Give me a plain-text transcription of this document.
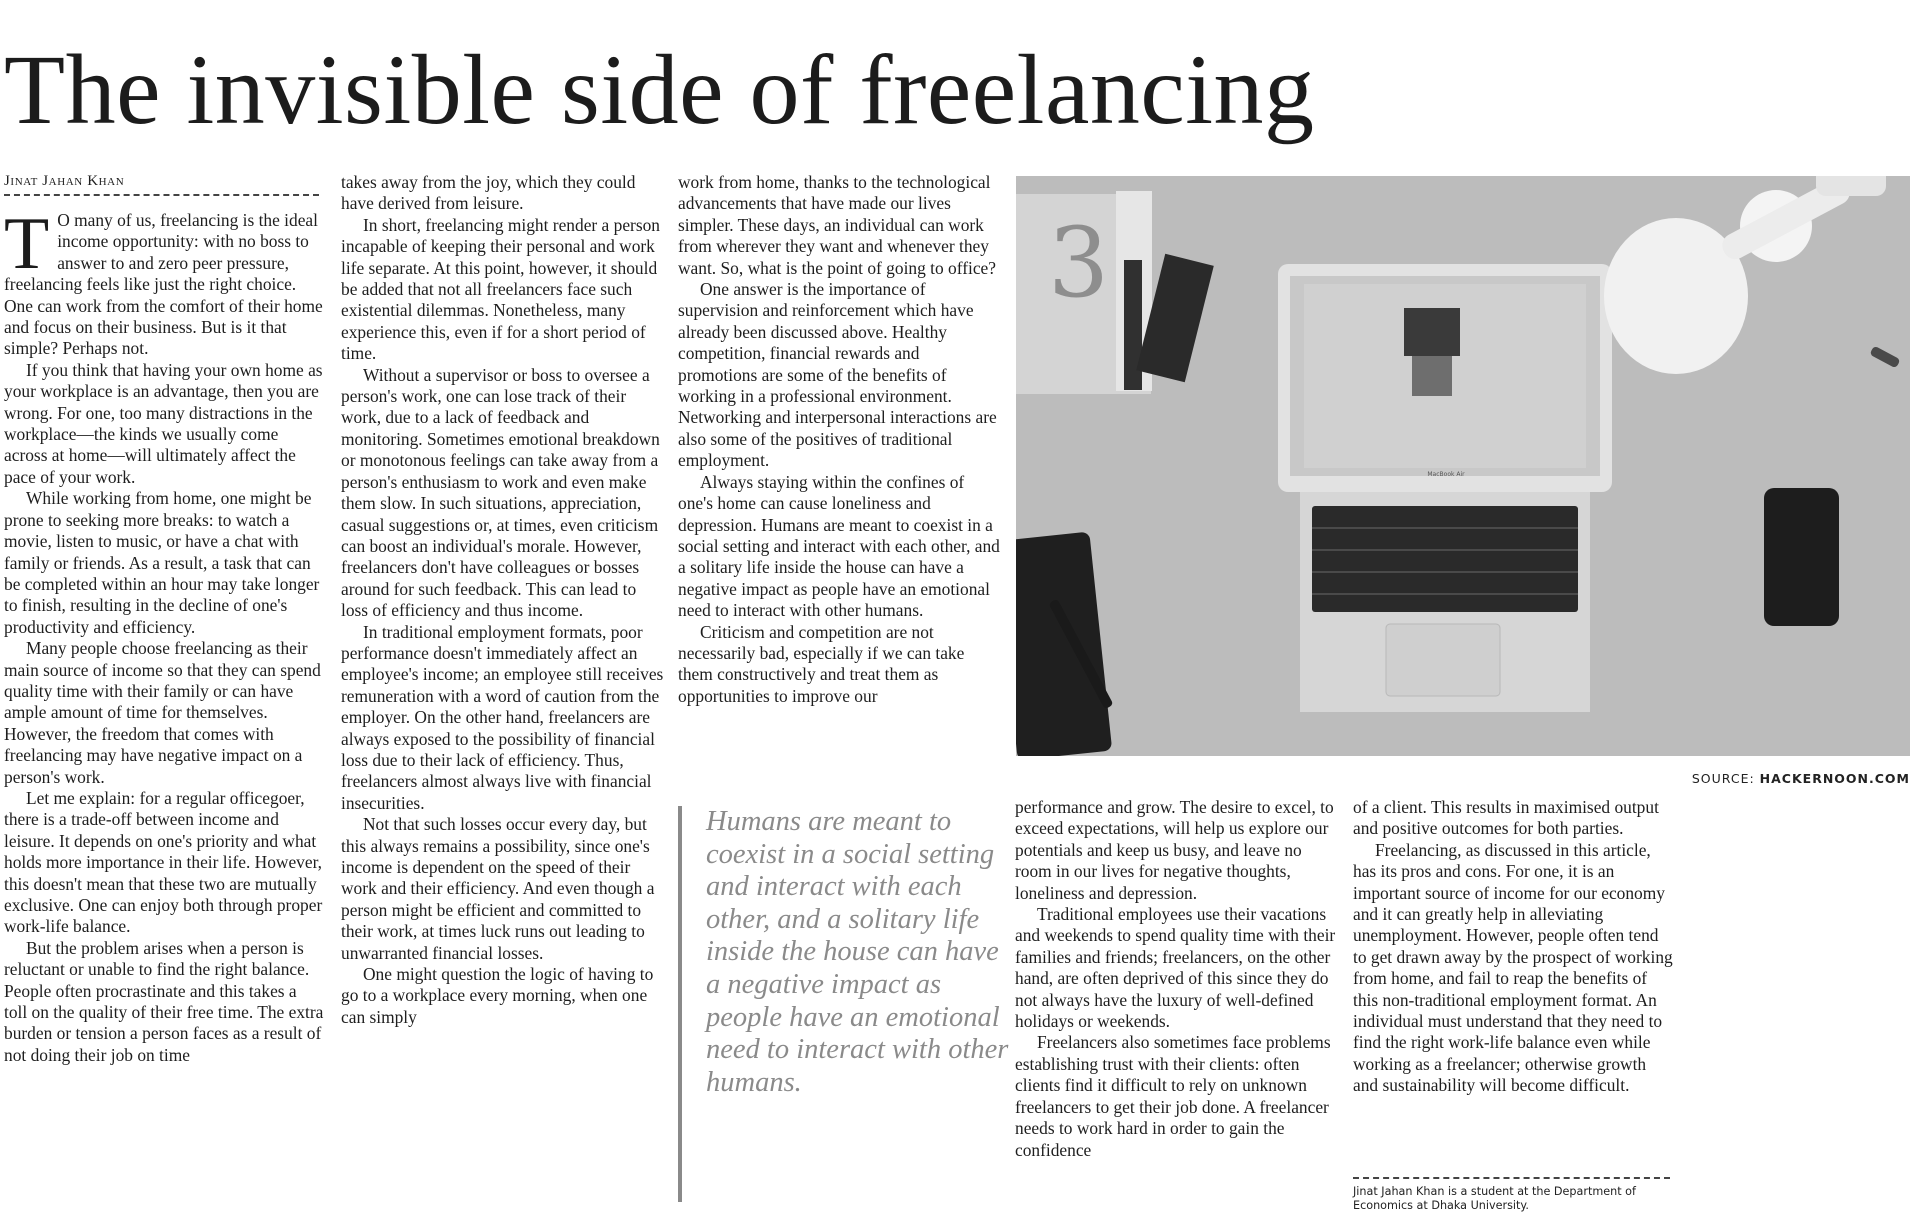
The invisible side of freelancing
Jinat Jahan Khan

T O many of us, freelancing is the ideal income opportunity: with no boss to answer to and zero peer pressure, freelancing feels like just the right choice. One can work from the comfort of their home and focus on their business. But is it that simple? Perhaps not.

If you think that having your own home as your workplace is an advantage, then you are wrong. For one, too many distractions in the workplace—the kinds we usually come across at home—will ultimately affect the pace of your work.

While working from home, one might be prone to seeking more breaks: to watch a movie, listen to music, or have a chat with family or friends. As a result, a task that can be completed within an hour may take longer to finish, resulting in the decline of one's productivity and efficiency.

Many people choose freelancing as their main source of income so that they can spend quality time with their family or can have ample amount of time for themselves. However, the freedom that comes with freelancing may have negative impact on a person's work.

Let me explain: for a regular officegoer, there is a trade-off between income and leisure. It depends on one's priority and what holds more importance in their life. However, this doesn't mean that these two are mutually exclusive. One can enjoy both through proper work-life balance.

But the problem arises when a person is reluctant or unable to find the right balance. People often procrastinate and this takes a toll on the quality of their free time. The extra burden or tension a person faces as a result of not doing their job on time

takes away from the joy, which they could have derived from leisure.

In short, freelancing might render a person incapable of keeping their personal and work life separate. At this point, however, it should be added that not all freelancers face such existential dilemmas. Nonetheless, many experience this, even if for a short period of time.

Without a supervisor or boss to oversee a person's work, one can lose track of their work, due to a lack of feedback and monitoring. Sometimes emotional breakdown or monotonous feelings can take away from a person's enthusiasm to work and even make them slow. In such situations, appreciation, casual suggestions or, at times, even criticism can boost an individual's morale. However, freelancers don't have colleagues or bosses around for such feedback. This can lead to loss of efficiency and thus income.

In traditional employment formats, poor performance doesn't immediately affect an employee's income; an employee still receives remuneration with a word of caution from the employer. On the other hand, freelancers are always exposed to the possibility of financial loss due to their lack of efficiency. Thus, freelancers almost always live with financial insecurities.

Not that such losses occur every day, but this always remains a possibility, since one's income is dependent on the speed of their work and their efficiency. And even though a person might be efficient and committed to their work, at times luck runs out leading to unwarranted financial losses.

One might question the logic of having to go to a workplace every morning, when one can simply

work from home, thanks to the technological advancements that have made our lives simpler. These days, an individual can work from wherever they want and whenever they want. So, what is the point of going to office?

One answer is the importance of supervision and reinforcement which have already been discussed above. Healthy competition, financial rewards and promotions are some of the benefits of working in a professional environment. Networking and interpersonal interactions are also some of the positives of traditional employment.

Always staying within the confines of one's home can cause loneliness and depression. Humans are meant to coexist in a social setting and interact with each other, and a solitary life inside the house can have a negative impact as people have an emotional need to interact with other humans.

Criticism and competition are not necessarily bad, especially if we can take them constructively and treat them as opportunities to improve our

3
MacBook Air
SOURCE: HACKERNOON.COM
Humans are meant to coexist in a social setting and interact with each other, and a solitary life inside the house can have a negative impact as people have an emotional need to interact with other humans.

performance and grow. The desire to excel, to exceed expectations, will help us explore our potentials and keep us busy, and leave no room in our lives for negative thoughts, loneliness and depression.

Traditional employees use their vacations and weekends to spend quality time with their families and friends; freelancers, on the other hand, are often deprived of this since they do not always have the luxury of well-defined holidays or weekends.

Freelancers also sometimes face problems establishing trust with their clients: often clients find it difficult to rely on unknown freelancers to get their job done. A freelancer needs to work hard in order to gain the confidence

of a client. This results in maximised output and positive outcomes for both parties.

Freelancing, as discussed in this article, has its pros and cons. For one, it is an important source of income for our economy and it can greatly help in alleviating unemployment. However, people often tend to get drawn away by the prospect of working from home, and fail to reap the benefits of this non-traditional employment format. An individual must understand that they need to find the right work-life balance even while working as a freelancer; otherwise growth and sustainability will become difficult.

Jinat Jahan Khan is a student at the Department of Economics at Dhaka University.
